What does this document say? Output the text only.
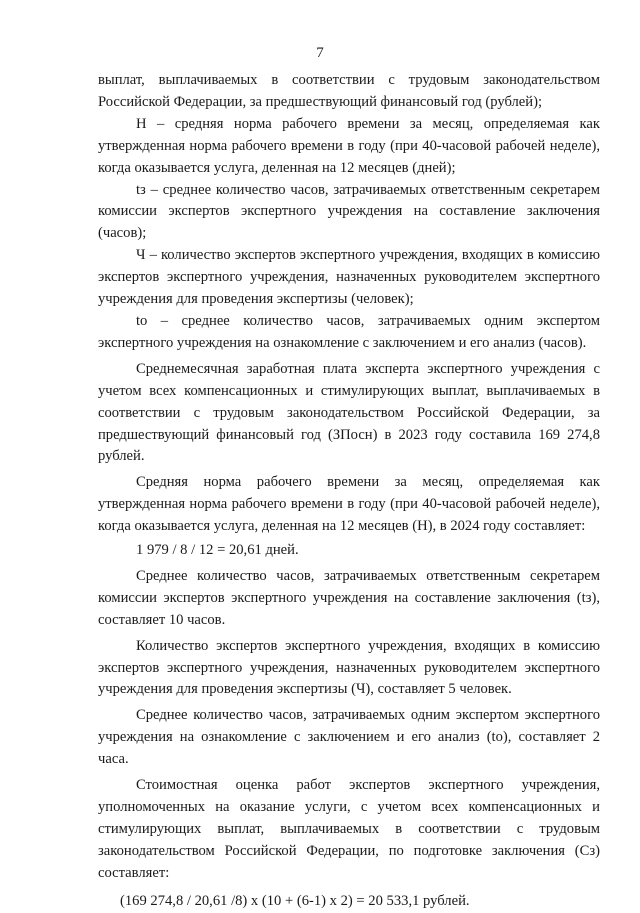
7

выплат, выплачиваемых в соответствии с трудовым законодательством Российской Федерации, за предшествующий финансовый год (рублей);

Н – средняя норма рабочего времени за месяц, определяемая как утвержденная норма рабочего времени в году (при 40-часовой рабочей неделе), когда оказывается услуга, деленная на 12 месяцев (дней);

tз – среднее количество часов, затрачиваемых ответственным секретарем комиссии экспертов экспертного учреждения на составление заключения (часов);

Ч – количество экспертов экспертного учреждения, входящих в комиссию экспертов экспертного учреждения, назначенных руководителем экспертного учреждения для проведения экспертизы (человек);

tо – среднее количество часов, затрачиваемых одним экспертом экспертного учреждения на ознакомление с заключением и его анализ (часов).

Среднемесячная заработная плата эксперта экспертного учреждения с учетом всех компенсационных и стимулирующих выплат, выплачиваемых в соответствии с трудовым законодательством Российской Федерации, за предшествующий финансовый год (ЗПосн) в 2023 году составила 169 274,8 рублей.

Средняя норма рабочего времени за месяц, определяемая как утвержденная норма рабочего времени в году (при 40-часовой рабочей неделе), когда оказывается услуга, деленная на 12 месяцев (Н), в 2024 году составляет:

1 979 / 8 / 12 = 20,61 дней.

Среднее количество часов, затрачиваемых ответственным секретарем комиссии экспертов экспертного учреждения на составление заключения (tз), составляет 10 часов.

Количество экспертов экспертного учреждения, входящих в комиссию экспертов экспертного учреждения, назначенных руководителем экспертного учреждения для проведения экспертизы (Ч), составляет 5 человек.

Среднее количество часов, затрачиваемых одним экспертом экспертного учреждения на ознакомление с заключением и его анализ (tо), составляет 2 часа.

Стоимостная оценка работ экспертов экспертного учреждения, уполномоченных на оказание услуги, с учетом всех компенсационных и стимулирующих выплат, выплачиваемых в соответствии с трудовым законодательством Российской Федерации, по подготовке заключения (Сз) составляет:

(169 274,8 / 20,61 /8) х (10 + (6-1) х 2) = 20 533,1 рублей.
